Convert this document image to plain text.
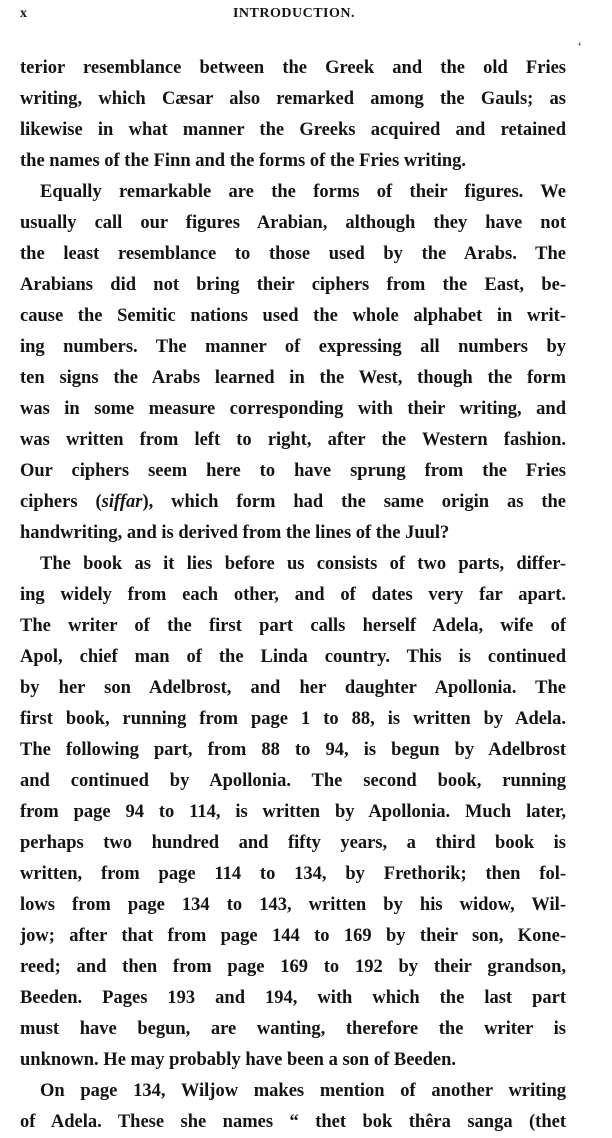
x	INTRODUCTION.
‘
terior resemblance between the Greek and the old Fries
writing, which Cæsar also remarked among the Gauls; as
likewise in what manner the Greeks acquired and retained
the names of the Finn and the forms of the Fries writing.
Equally remarkable are the forms of their figures. We
usually call our figures Arabian, although they have not
the least resemblance to those used by the Arabs. The
Arabians did not bring their ciphers from the East, be-
cause the Semitic nations used the whole alphabet in writ-
ing numbers. The manner of expressing all numbers by
ten signs the Arabs learned in the West, though the form
was in some measure corresponding with their writing, and
was written from left to right, after the Western fashion.
Our ciphers seem here to have sprung from the Fries
ciphers (siffar), which form had the same origin as the
handwriting, and is derived from the lines of the Juul?
The book as it lies before us consists of two parts, differ-
ing widely from each other, and of dates very far apart.
The writer of the first part calls herself Adela, wife of
Apol, chief man of the Linda country. This is continued
by her son Adelbrost, and her daughter Apollonia. The
first book, running from page 1 to 88, is written by Adela.
The following part, from 88 to 94, is begun by Adelbrost
and continued by Apollonia. The second book, running
from page 94 to 114, is written by Apollonia. Much later,
perhaps two hundred and fifty years, a third book is
written, from page 114 to 134, by Frethorik; then fol-
lows from page 134 to 143, written by his widow, Wil-
jow; after that from page 144 to 169 by their son, Kone-
reed; and then from page 169 to 192 by their grandson,
Beeden. Pages 193 and 194, with which the last part
must have begun, are wanting, therefore the writer is
unknown. He may probably have been a son of Beeden.
On page 134, Wiljow makes mention of another writing
of Adela. These she names “ thet bok thêra sanga (thet
